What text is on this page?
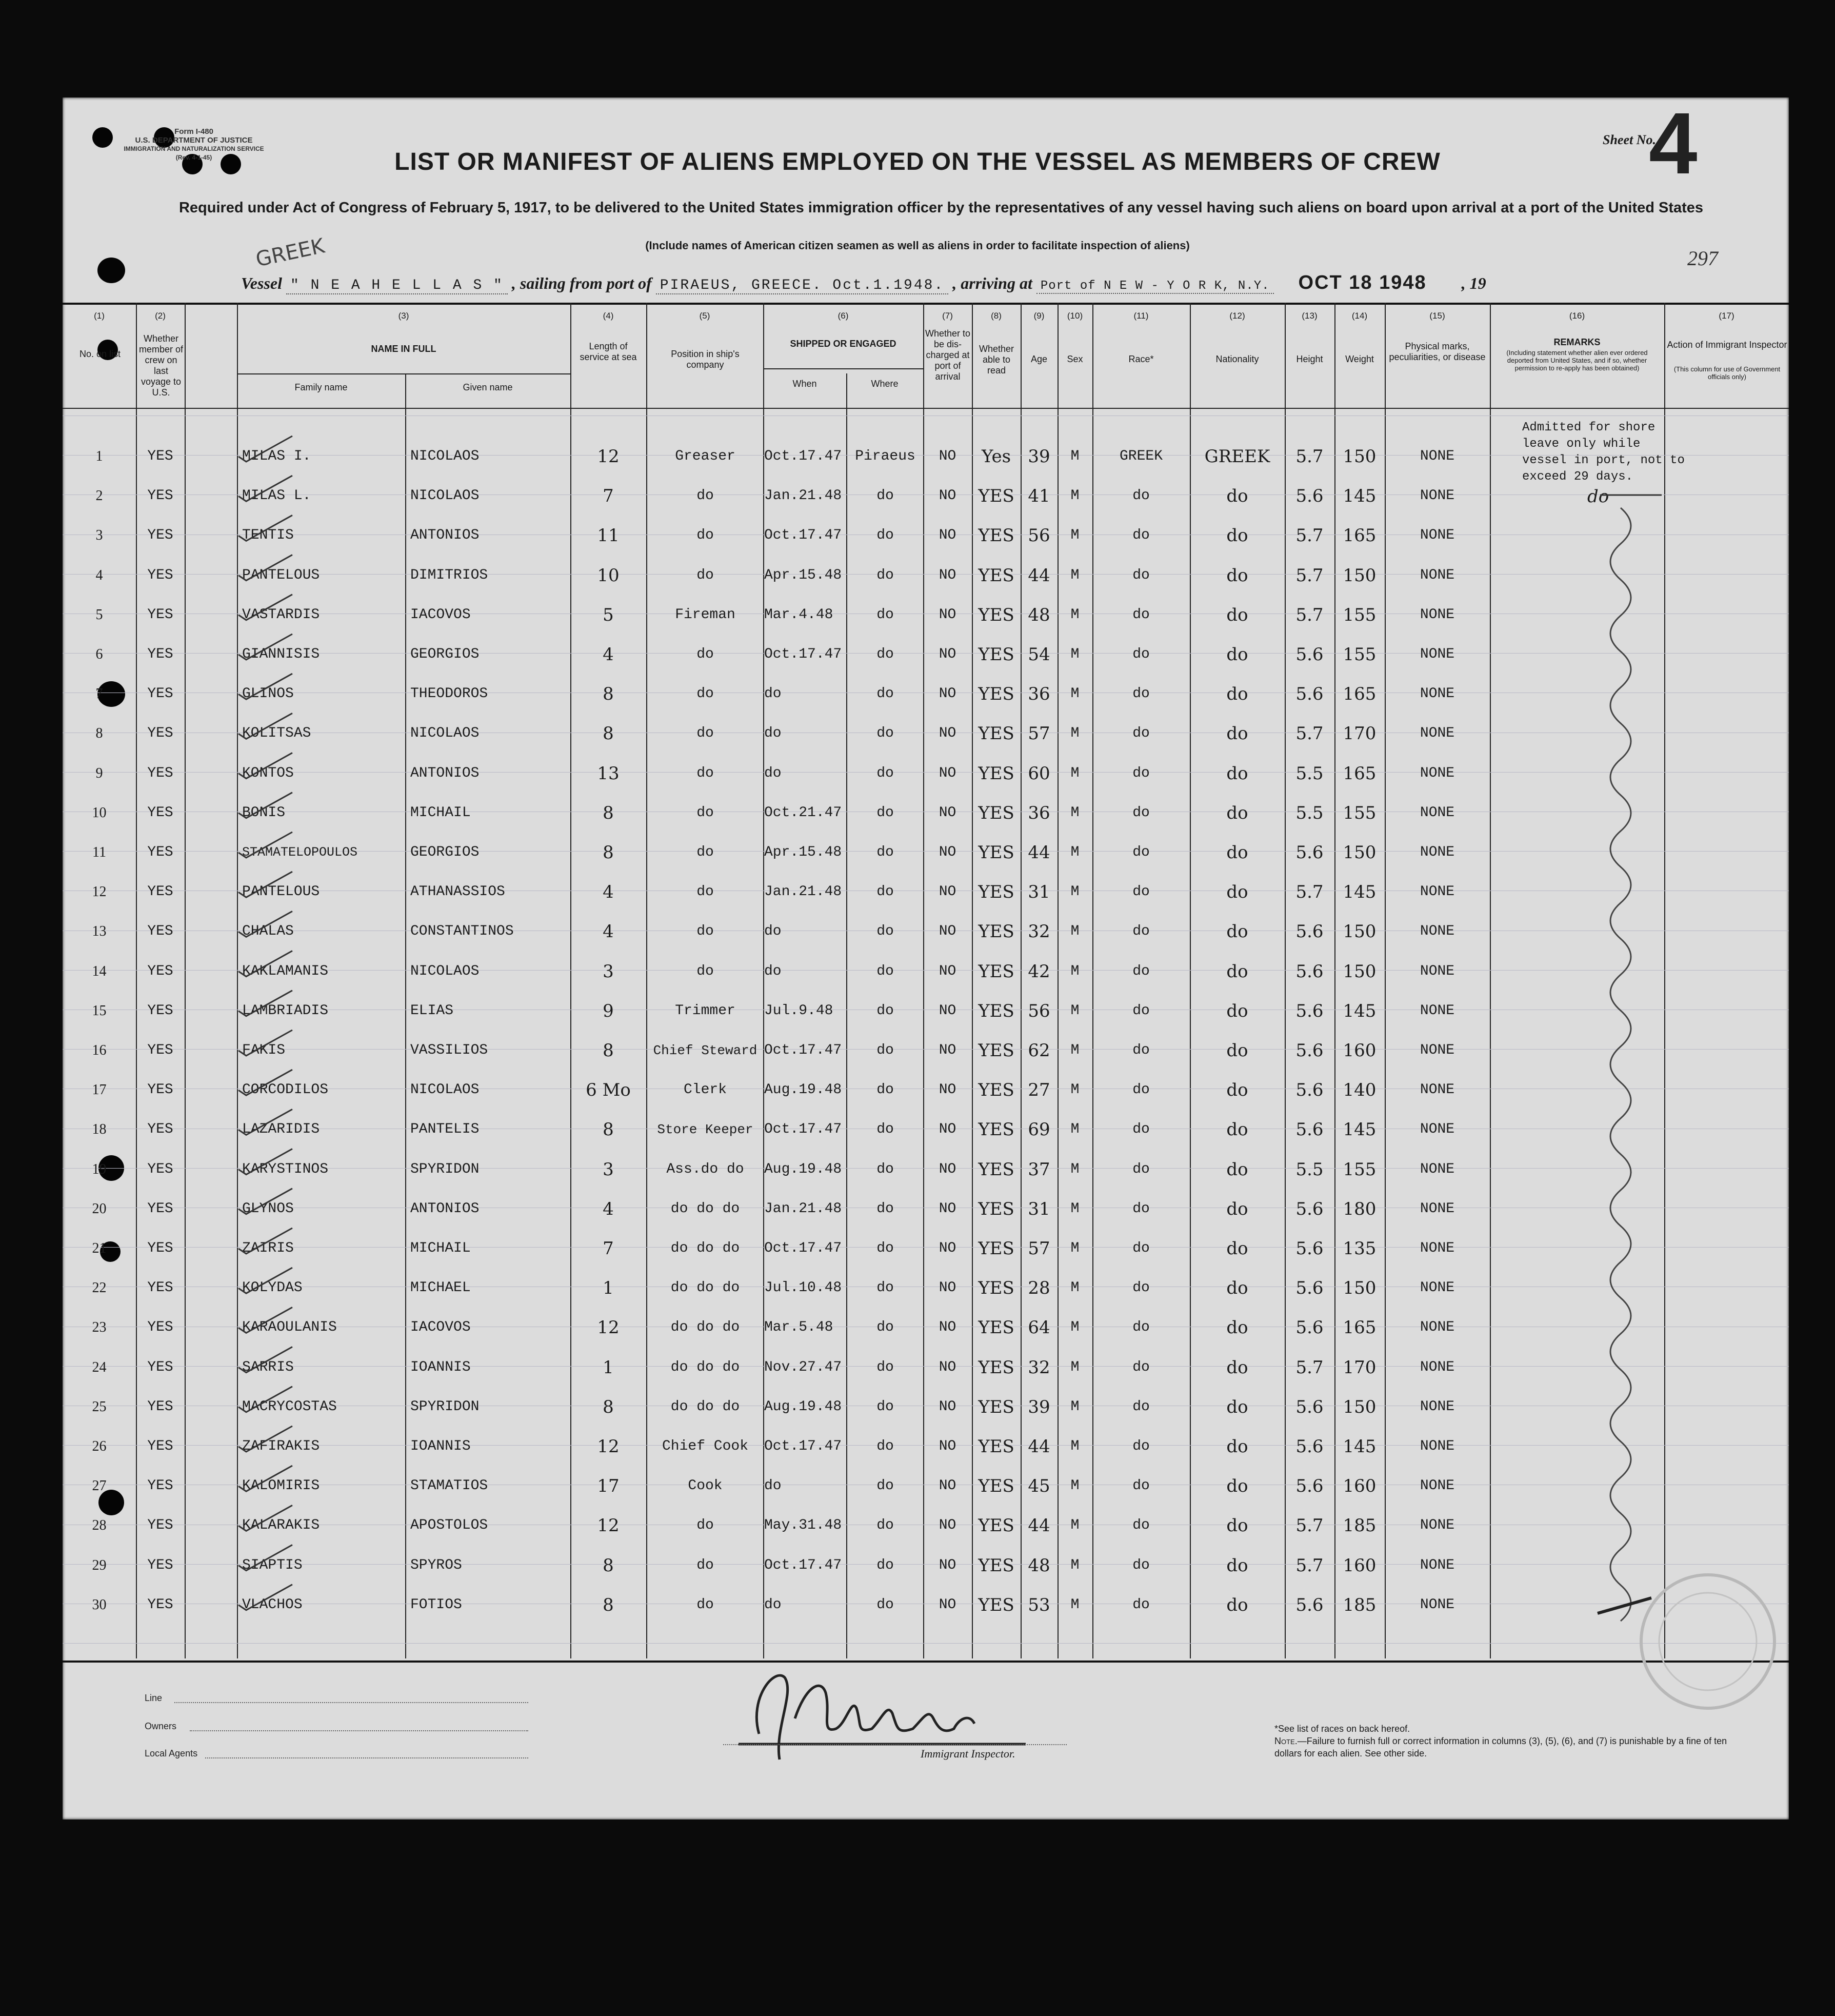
Form I-480
U.S. DEPARTMENT OF JUSTICE
IMMIGRATION AND NATURALIZATION SERVICE
(Rev. 4-1-45)	LIST OR MANIFEST OF ALIENS EMPLOYED ON THE VESSEL AS MEMBERS OF CREW
Sheet No.
4
Required under Act of Congress of February 5, 1917, to be delivered to the United States immigration officer by the representatives of any vessel having such aliens on board upon arrival at a port of the United States
(Include names of American citizen seamen as well as aliens in order to facilitate inspection of aliens)
GREEK	297
Vessel " N E A H E L L A S " , sailing from port of PIRAEUS, GREECE. Oct.1.1948. , arriving at Port of N E W - Y O R K, N.Y. OCT 18 1948 , 19
(1)	(2)	(3)	(4)	(5)	(6)	(7)	(8)	(9)	(10)	(11)	(12)	(13)	(14)	(15)	(16)	(17)
No. on list
Whether member of crew on last voyage to U.S.
NAME IN FULL
Family name	Given name
Length of service at sea	Position in ship's company
SHIPPED OR ENGAGED
When	Where
Whether to be dis-charged at port of arrival
Whether able to read
Age	Sex	Race*	Nationality	Height	Weight
Physical marks, peculiarities, or disease
REMARKS
(Including statement whether alien ever ordered deported from United States, and if so, whether permission to re-apply has been obtained)
Action of Immigrant Inspector
(This column for use of Government officials only)
1	YES	MILAS I.	NICOLAOS	12	Greaser	Oct.17.47 Piraeus	NO	Yes 39	M	GREEK	GREEK	5.7	150	NONE
2	YES	MILAS L.	NICOLAOS	7	do	Jan.21.48	do	NO	YES 41	M	do	do	5.6	145	NONE
3	YES	TENTIS	ANTONIOS	11	do	Oct.17.47	do	NO	YES 56	M	do	do	5.7	165	NONE
4	YES	PANTELOUS	DIMITRIOS	10	do	Apr.15.48	do	NO	YES 44	M	do	do	5.7	150	NONE
5	YES	VASTARDIS	IACOVOS	5	Fireman	Mar.4.48	do	NO	YES 48	M	do	do	5.7	155	NONE
6	YES	GIANNISIS	GEORGIOS	4	do	Oct.17.47	do	NO	YES 54	M	do	do	5.6	155	NONE
7	YES	GLINOS	THEODOROS	8	do	do	do	NO	YES 36	M	do	do	5.6	165	NONE
8	YES	KOLITSAS	NICOLAOS	8	do	do	do	NO	YES 57	M	do	do	5.7	170	NONE
9	YES	KONTOS	ANTONIOS	13	do	do	do	NO	YES 60	M	do	do	5.5	165	NONE
10	YES	BONIS	MICHAIL	8	do	Oct.21.47	do	NO	YES 36	M	do	do	5.5	155	NONE
11	YES	STAMATELOPOULOS	GEORGIOS	8	do	Apr.15.48	do	NO	YES 44	M	do	do	5.6	150	NONE
12	YES	PANTELOUS	ATHANASSIOS	4	do	Jan.21.48	do	NO	YES 31	M	do	do	5.7	145	NONE
13	YES	CHALAS	CONSTANTINOS	4	do	do	do	NO	YES 32	M	do	do	5.6	150	NONE
14	YES	KAKLAMANIS	NICOLAOS	3	do	do	do	NO	YES 42	M	do	do	5.6	150	NONE
15	YES	LAMBRIADIS	ELIAS	9	Trimmer	Jul.9.48	do	NO	YES 56	M	do	do	5.6	145	NONE
16	YES	FAKIS	VASSILIOS	8	Chief Steward Oct.17.47	do	NO	YES 62	M	do	do	5.6	160	NONE
17	YES	CORCODILOS	NICOLAOS	6 Mo	Clerk	Aug.19.48	do	NO	YES 27	M	do	do	5.6	140	NONE
18	YES	LAZARIDIS	PANTELIS	8	Store Keeper Oct.17.47	do	NO	YES 69	M	do	do	5.6	145	NONE
19	YES	KARYSTINOS	SPYRIDON	3	Ass.do do	Aug.19.48	do	NO	YES 37	M	do	do	5.5	155	NONE
20	YES	GLYNOS	ANTONIOS	4	do do do	Jan.21.48	do	NO	YES 31	M	do	do	5.6	180	NONE
21	YES	ZAIRIS	MICHAIL	7	do do do	Oct.17.47	do	NO	YES 57	M	do	do	5.6	135	NONE
22	YES	KOLYDAS	MICHAEL	1	do do do	Jul.10.48	do	NO	YES 28	M	do	do	5.6	150	NONE
23	YES	KARAOULANIS	IACOVOS	12	do do do	Mar.5.48	do	NO	YES 64	M	do	do	5.6	165	NONE
24	YES	SARRIS	IOANNIS	1	do do do	Nov.27.47	do	NO	YES 32	M	do	do	5.7	170	NONE
25	YES	MACRYCOSTAS	SPYRIDON	8	do do do	Aug.19.48	do	NO	YES 39	M	do	do	5.6	150	NONE
26	YES	ZAFIRAKIS	IOANNIS	12	Chief Cook	Oct.17.47	do	NO	YES 44	M	do	do	5.6	145	NONE
27	YES	KALOMIRIS	STAMATIOS	17	Cook	do	do	NO	YES 45	M	do	do	5.6	160	NONE
28	YES	KALARAKIS	APOSTOLOS	12	do	May.31.48	do	NO	YES 44	M	do	do	5.7	185	NONE
29	YES	SIAPTIS	SPYROS	8	do	Oct.17.47	do	NO	YES 48	M	do	do	5.7	160	NONE
30	YES	VLACHOS	FOTIOS	8	do	do	do	NO	YES 53	M	do	do	5.6	185	NONE
Admitted for shore leave only while vessel in port, not to exceed 29 days.
do
Line
Owners
Local Agents	Immigrant Inspector.
*See list of races on back hereof.
Note.—Failure to furnish full or correct information in columns (3), (5), (6), and (7) is punishable by a fine of ten dollars for each alien. See other side.
